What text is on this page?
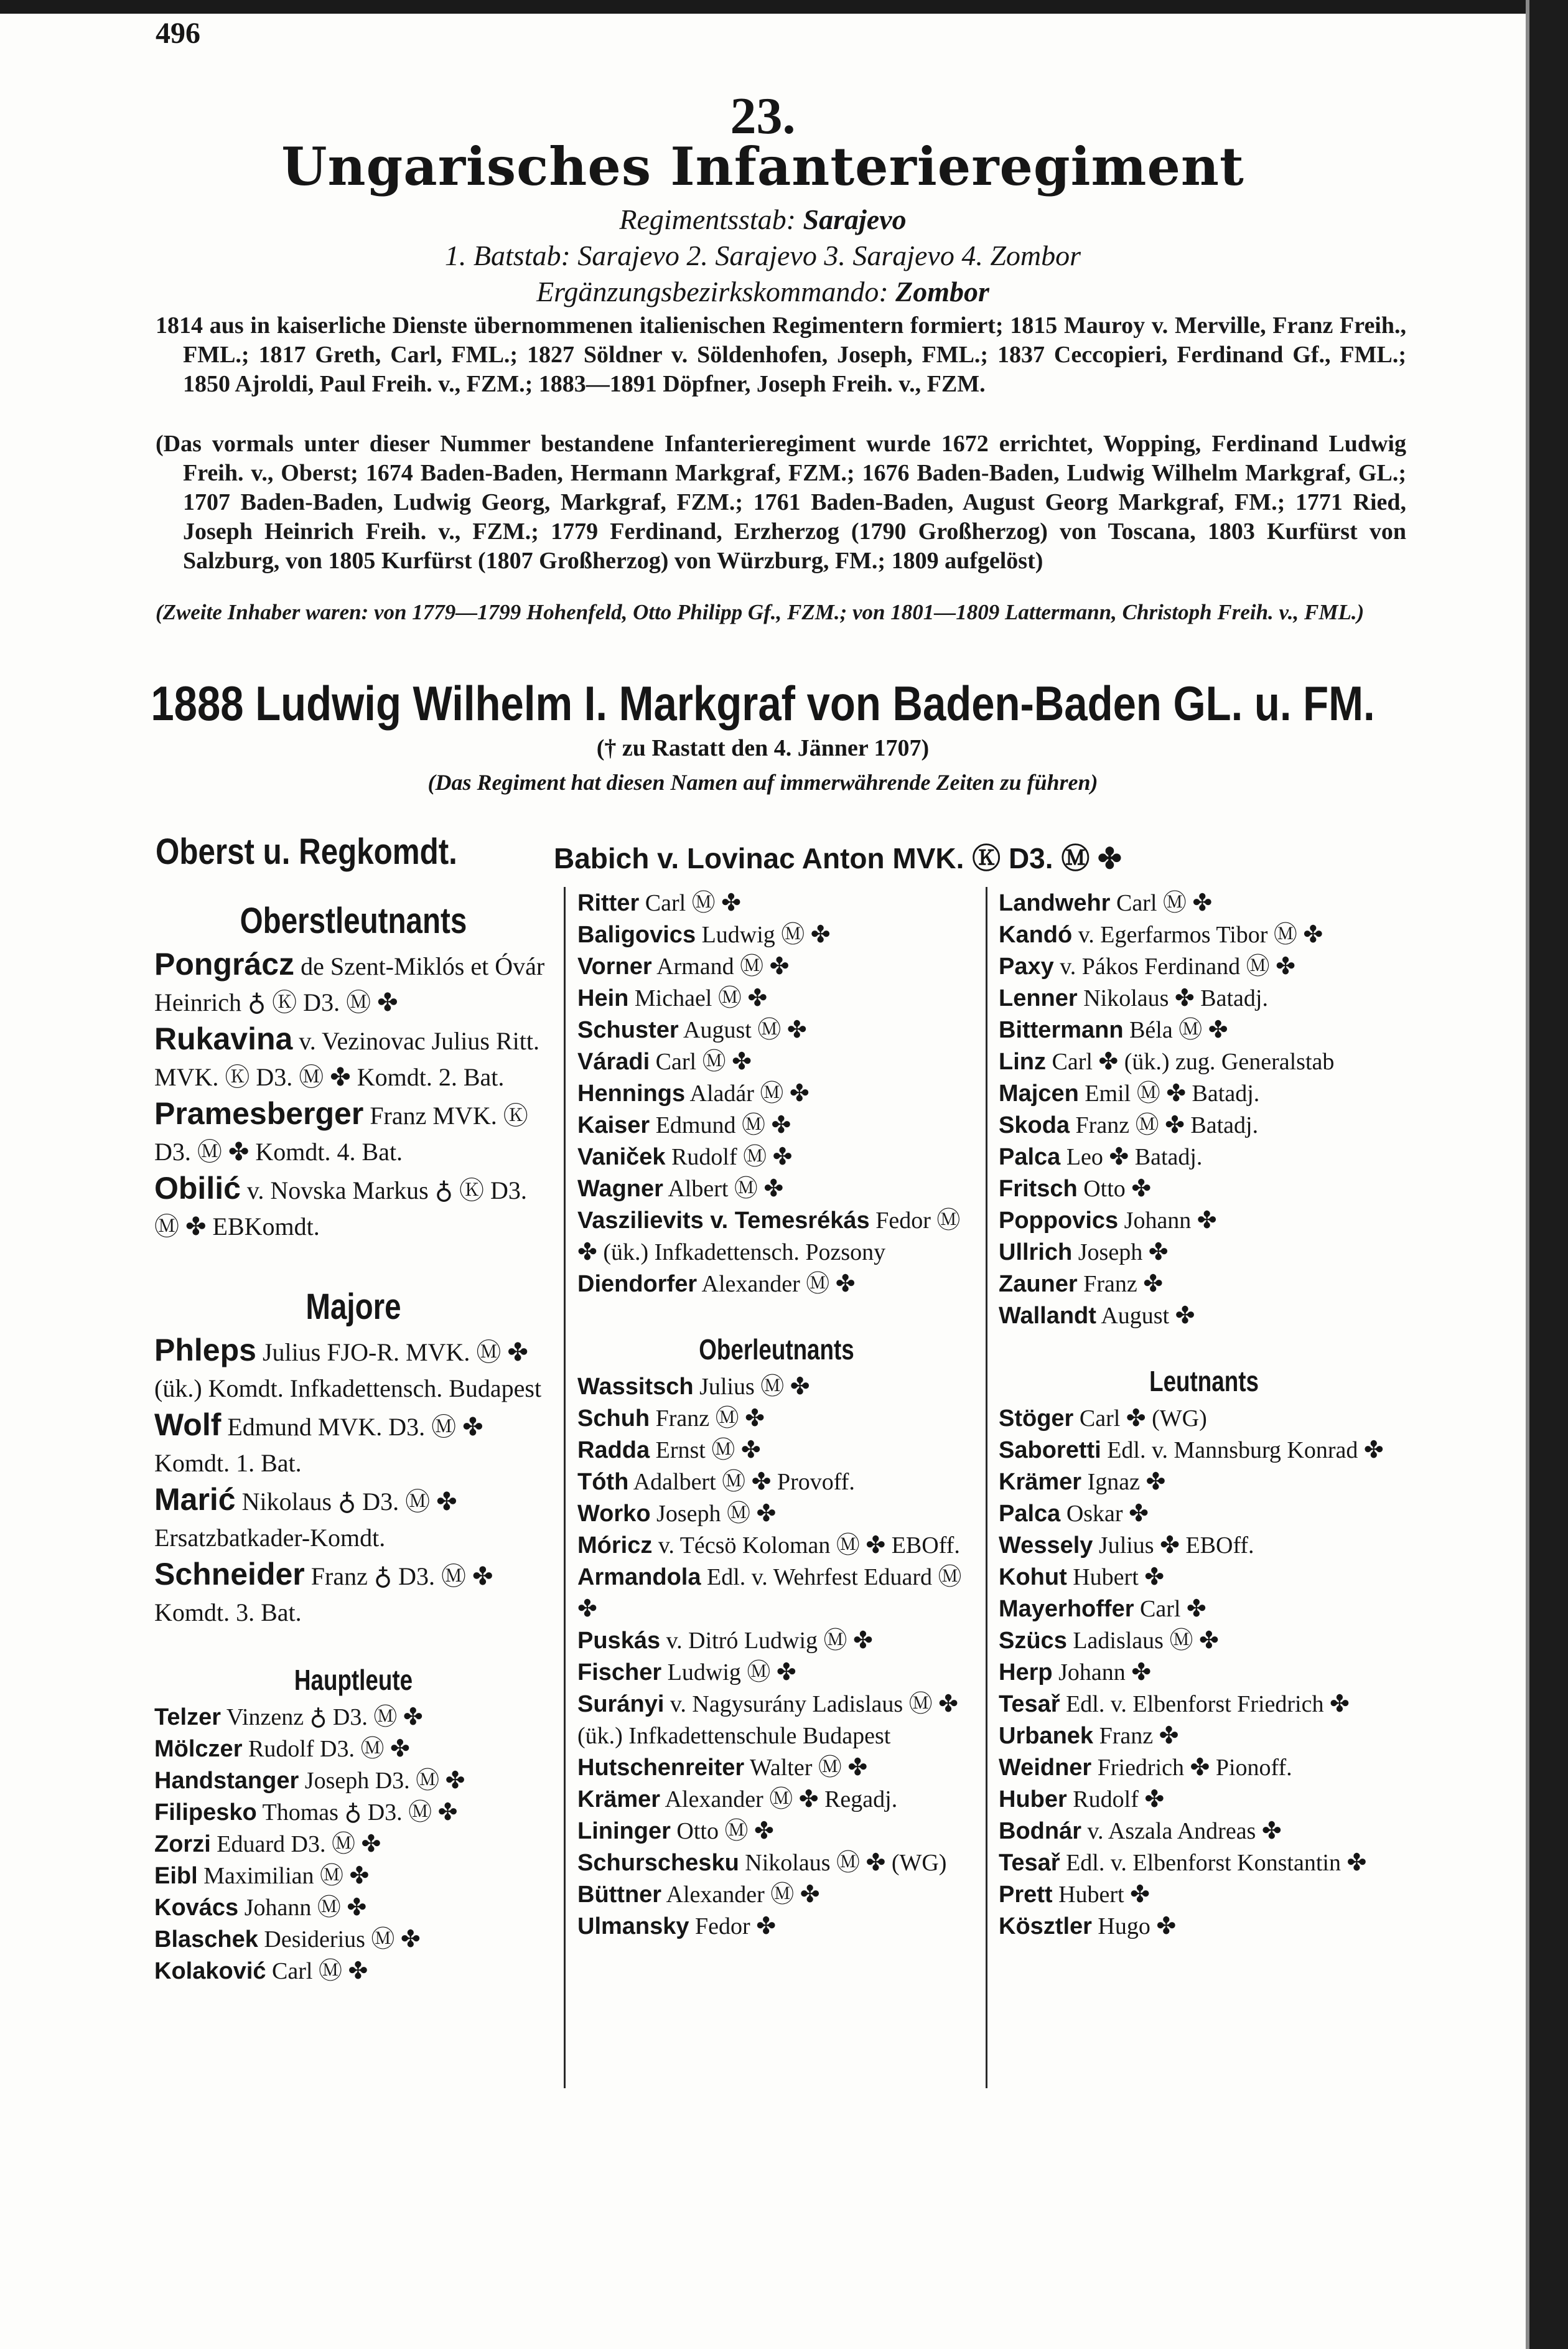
496
23.
Ungarisches Infanterieregiment
Regimentsstab: Sarajevo
1. Batstab: Sarajevo 2. Sarajevo 3. Sarajevo 4. Zombor
Ergänzungsbezirkskommando: Zombor

1814 aus in kaiserliche Dienste übernommenen italienischen Regimentern formiert; 1815 Mauroy v. Merville, Franz Freih., FML.; 1817 Greth, Carl, FML.; 1827 Söldner v. Söldenhofen, Joseph, FML.; 1837 Ceccopieri, Ferdinand Gf., FML.; 1850 Ajroldi, Paul Freih. v., FZM.; 1883—1891 Döpfner, Joseph Freih. v., FZM.

(Das vormals unter dieser Nummer bestandene Infanterieregiment wurde 1672 errichtet, Wopping, Ferdinand Ludwig Freih. v., Oberst; 1674 Baden-Baden, Hermann Markgraf, FZM.; 1676 Baden-Baden, Ludwig Wilhelm Markgraf, GL.; 1707 Baden-Baden, Ludwig Georg, Markgraf, FZM.; 1761 Baden-Baden, August Georg Markgraf, FM.; 1771 Ried, Joseph Heinrich Freih. v., FZM.; 1779 Ferdinand, Erzherzog (1790 Großherzog) von Toscana, 1803 Kurfürst von Salzburg, von 1805 Kurfürst (1807 Großherzog) von Würzburg, FM.; 1809 aufgelöst)

(Zweite Inhaber waren: von 1779—1799 Hohenfeld, Otto Philipp Gf., FZM.; von 1801—1809 Lattermann, Christoph Freih. v., FML.)

1888 Ludwig Wilhelm I. Markgraf von Baden-Baden GL. u. FM.
(† zu Rastatt den 4. Jänner 1707)
(Das Regiment hat diesen Namen auf immerwährende Zeiten zu führen)
Oberst u. Regkomdt.	Babich v. Lovinac Anton MVK. Ⓚ D3. Ⓜ ✤
Oberstleutnants

Pongrácz de Szent-Miklós et Óvár Heinrich ♁ Ⓚ D3. Ⓜ ✤

Rukavina v. Vezinovac Julius Ritt. MVK. Ⓚ D3. Ⓜ ✤ Komdt. 2. Bat.

Pramesberger Franz MVK. Ⓚ D3. Ⓜ ✤ Komdt. 4. Bat.

Obilić v. Novska Markus ♁ Ⓚ D3. Ⓜ ✤ EBKomdt.

Majore

Phleps Julius FJO-R. MVK. Ⓜ ✤ (ük.) Komdt. Infkadettensch. Budapest

Wolf Edmund MVK. D3. Ⓜ ✤ Komdt. 1. Bat.

Marić Nikolaus ♁ D3. Ⓜ ✤ Ersatzbatkader-Komdt.

Schneider Franz ♁ D3. Ⓜ ✤ Komdt. 3. Bat.

Hauptleute

Telzer Vinzenz ♁ D3. Ⓜ ✤

Mölczer Rudolf D3. Ⓜ ✤

Handstanger Joseph D3. Ⓜ ✤

Filipesko Thomas ♁ D3. Ⓜ ✤

Zorzi Eduard D3. Ⓜ ✤

Eibl Maximilian Ⓜ ✤

Kovács Johann Ⓜ ✤

Blaschek Desiderius Ⓜ ✤

Kolaković Carl Ⓜ ✤

Ritter Carl Ⓜ ✤

Baligovics Ludwig Ⓜ ✤

Vorner Armand Ⓜ ✤

Hein Michael Ⓜ ✤

Schuster August Ⓜ ✤

Váradi Carl Ⓜ ✤

Hennings Aladár Ⓜ ✤

Kaiser Edmund Ⓜ ✤

Vaniček Rudolf Ⓜ ✤

Wagner Albert Ⓜ ✤

Vaszilievits v. Temesrékás Fedor Ⓜ ✤ (ük.) Infkadettensch. Pozsony

Diendorfer Alexander Ⓜ ✤

Oberleutnants

Wassitsch Julius Ⓜ ✤

Schuh Franz Ⓜ ✤

Radda Ernst Ⓜ ✤

Tóth Adalbert Ⓜ ✤ Provoff.

Worko Joseph Ⓜ ✤

Móricz v. Técsö Koloman Ⓜ ✤ EBOff.

Armandola Edl. v. Wehrfest Eduard Ⓜ ✤

Puskás v. Ditró Ludwig Ⓜ ✤

Fischer Ludwig Ⓜ ✤

Surányi v. Nagysurány Ladislaus Ⓜ ✤ (ük.) Infkadettenschule Budapest

Hutschenreiter Walter Ⓜ ✤

Krämer Alexander Ⓜ ✤ Regadj.

Lininger Otto Ⓜ ✤

Schurschesku Nikolaus Ⓜ ✤ (WG)

Büttner Alexander Ⓜ ✤

Ulmansky Fedor ✤

Landwehr Carl Ⓜ ✤

Kandó v. Egerfarmos Tibor Ⓜ ✤

Paxy v. Pákos Ferdinand Ⓜ ✤

Lenner Nikolaus ✤ Batadj.

Bittermann Béla Ⓜ ✤

Linz Carl ✤ (ük.) zug. Generalstab

Majcen Emil Ⓜ ✤ Batadj.

Skoda Franz Ⓜ ✤ Batadj.

Palca Leo ✤ Batadj.

Fritsch Otto ✤

Poppovics Johann ✤

Ullrich Joseph ✤

Zauner Franz ✤

Wallandt August ✤

Leutnants

Stöger Carl ✤ (WG)

Saboretti Edl. v. Mannsburg Konrad ✤

Krämer Ignaz ✤

Palca Oskar ✤

Wessely Julius ✤ EBOff.

Kohut Hubert ✤

Mayerhoffer Carl ✤

Szücs Ladislaus Ⓜ ✤

Herp Johann ✤

Tesař Edl. v. Elbenforst Friedrich ✤

Urbanek Franz ✤

Weidner Friedrich ✤ Pionoff.

Huber Rudolf ✤

Bodnár v. Aszala Andreas ✤

Tesař Edl. v. Elbenforst Konstantin ✤

Prett Hubert ✤

Kösztler Hugo ✤
